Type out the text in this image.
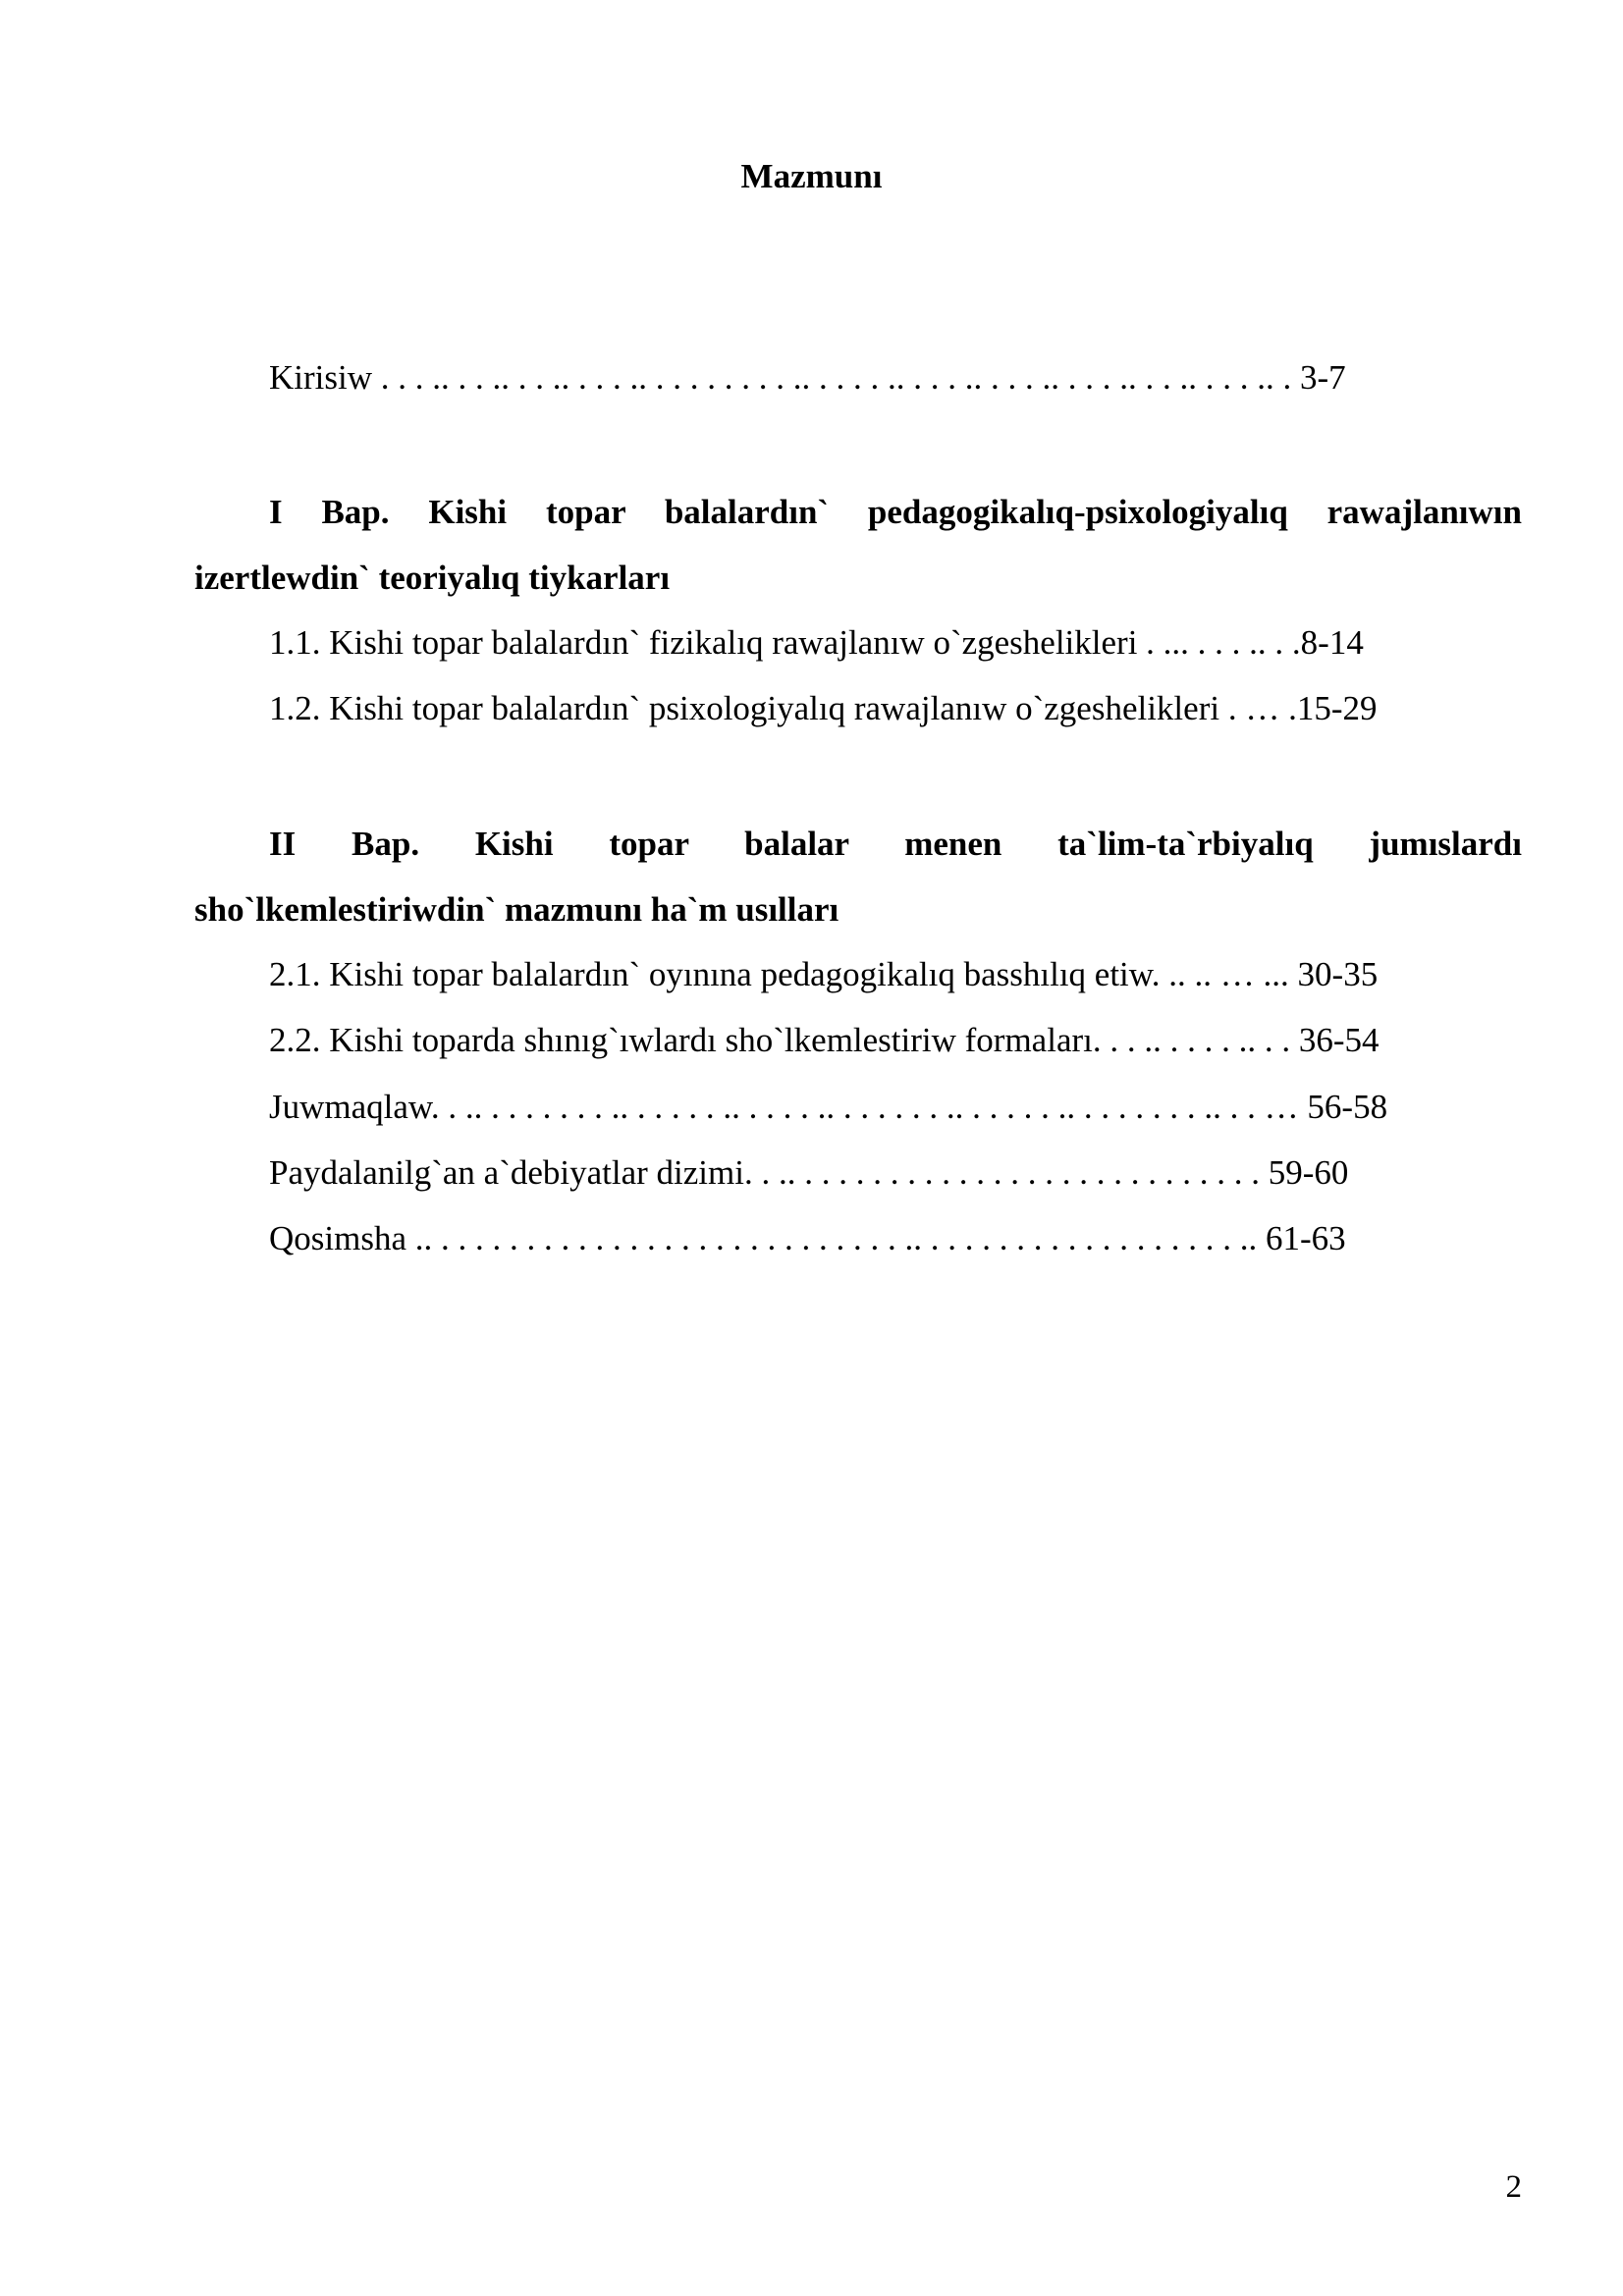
Mazmunı
Kirisiw . . . .. . . .. . . .. . . . .. . . . . . . . . .. . . . . .. . . . .. . . . .. . . . .. . . .. . . . .. . 3-7
I Bap. Kishi topar balalardın` pedagogikalıq-psixologiyalıq rawajlanıwın
izertlewdin` teoriyalıq tiykarları
1.1. Kishi topar balalardın` fizikalıq rawajlanıw o`zgeshelikleri . ... . . . .. . .8-14
1.2. Kishi topar balalardın` psixologiyalıq rawajlanıw o`zgeshelikleri . … .15-29
II Bap. Kishi topar balalar menen ta`lim-ta`rbiyalıq jumıslardı
sho`lkemlestiriwdin` mazmunı ha`m usılları
2.1. Kishi topar balalardın` oyınına pedagogikalıq basshılıq etiw. .. .. … ... 30-35
2.2. Kishi toparda shınıg`ıwlardı sho`lkemlestiriw formaları. . . .. . . . . .. . . 36-54
Juwmaqlaw. . .. . . . . . . . .. . . . . . .. . . . . .. . . . . . . .. . . . . . .. . . . . . . . .. . . … 56-58
Paydalanilg`an a`debiyatlar dizimi. . .. . . . . . . . . . . . . . . . . . . . . . . . . . . . 59-60
Qosimsha .. . . . . . . . . . . . . . . . . . . . . . . . . . . . .. . . . . . . . . . . . . . . . . . . .. 61-63
2
